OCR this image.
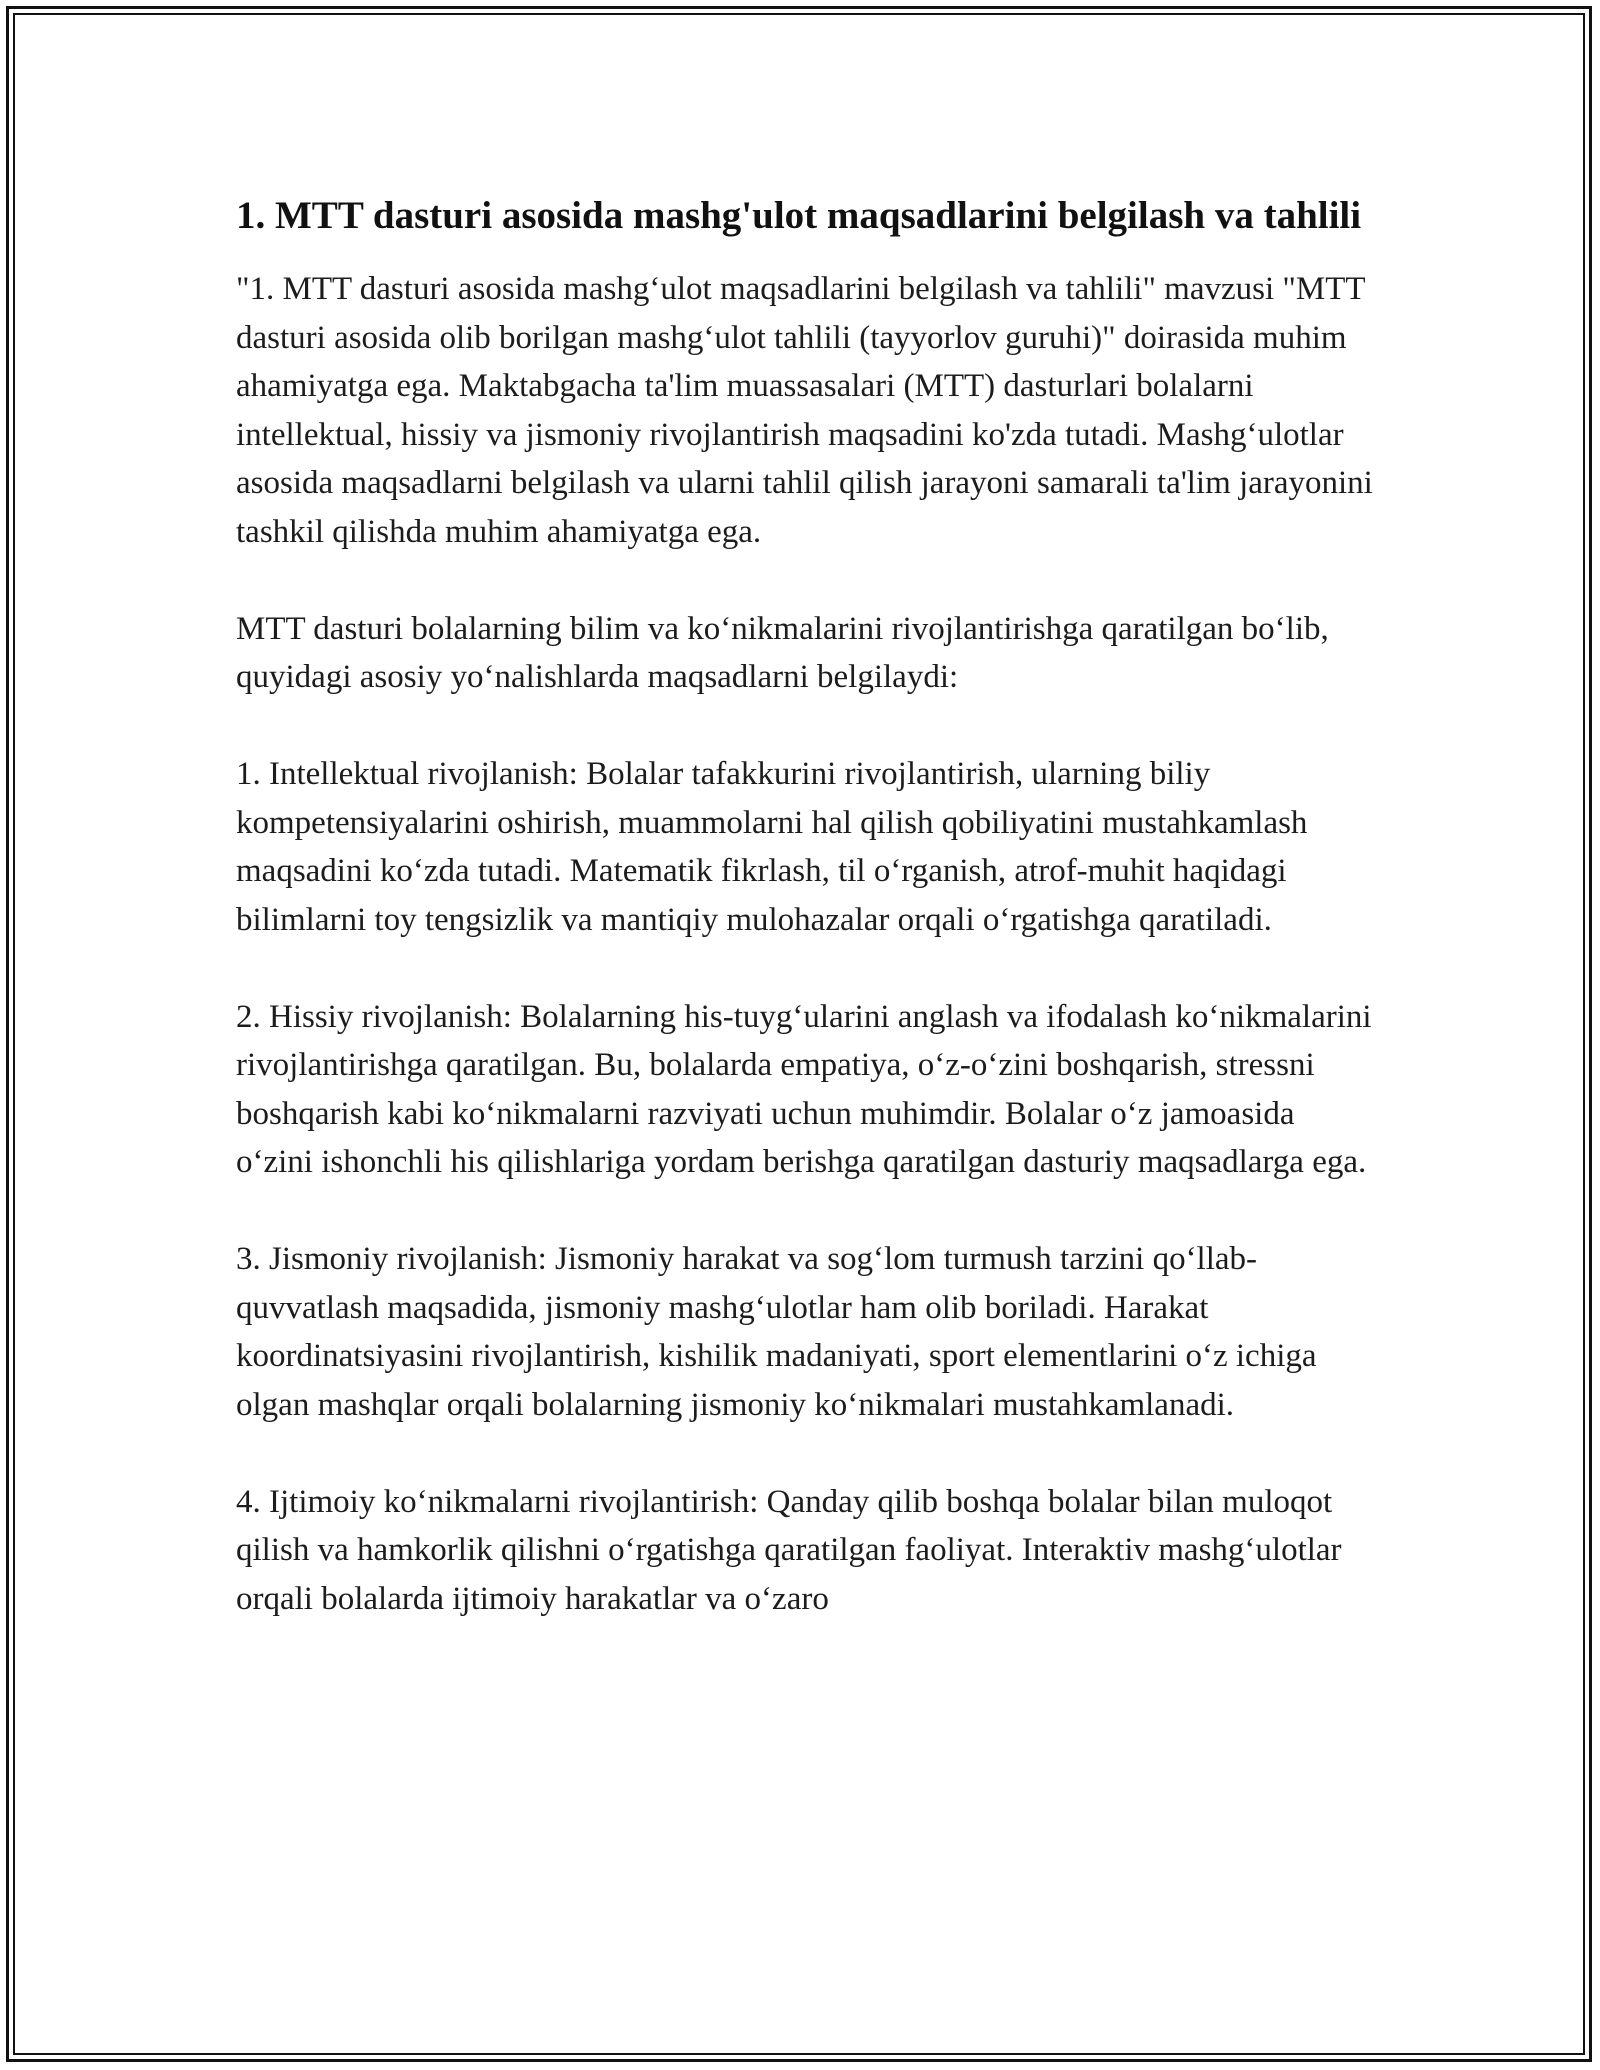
1. MTT dasturi asosida mashg'ulot maqsadlarini belgilash va tahlili

"1. MTT dasturi asosida mashg‘ulot maqsadlarini belgilash va tahlili" mavzusi "MTT dasturi asosida olib borilgan mashg‘ulot tahlili (tayyorlov guruhi)" doirasida muhim ahamiyatga ega. Maktabgacha ta'lim muassasalari (MTT) dasturlari bolalarni intellektual, hissiy va jismoniy rivojlantirish maqsadini ko'zda tutadi. Mashg‘ulotlar asosida maqsadlarni belgilash va ularni tahlil qilish jarayoni samarali ta'lim jarayonini tashkil qilishda muhim ahamiyatga ega.

MTT dasturi bolalarning bilim va ko‘nikmalarini rivojlantirishga qaratilgan bo‘lib, quyidagi asosiy yo‘nalishlarda maqsadlarni belgilaydi:

1. Intellektual rivojlanish: Bolalar tafakkurini rivojlantirish, ularning biliy kompetensiyalarini oshirish, muammolarni hal qilish qobiliyatini mustahkamlash maqsadini ko‘zda tutadi. Matematik fikrlash, til o‘rganish, atrof-muhit haqidagi bilimlarni toy tengsizlik va mantiqiy mulohazalar orqali o‘rgatishga qaratiladi.

2. Hissiy rivojlanish: Bolalarning his-tuyg‘ularini anglash va ifodalash ko‘nikmalarini rivojlantirishga qaratilgan. Bu, bolalarda empatiya, o‘z-o‘zini boshqarish, stressni boshqarish kabi ko‘nikmalarni razviyati uchun muhimdir. Bolalar o‘z jamoasida o‘zini ishonchli his qilishlariga yordam berishga qaratilgan dasturiy maqsadlarga ega.

3. Jismoniy rivojlanish: Jismoniy harakat va sog‘lom turmush tarzini qo‘llab-quvvatlash maqsadida, jismoniy mashg‘ulotlar ham olib boriladi. Harakat koordinatsiyasini rivojlantirish, kishilik madaniyati, sport elementlarini o‘z ichiga olgan mashqlar orqali bolalarning jismoniy ko‘nikmalari mustahkamlanadi.

4. Ijtimoiy ko‘nikmalarni rivojlantirish: Qanday qilib boshqa bolalar bilan muloqot qilish va hamkorlik qilishni o‘rgatishga qaratilgan faoliyat. Interaktiv mashg‘ulotlar orqali bolalarda ijtimoiy harakatlar va o‘zaro
